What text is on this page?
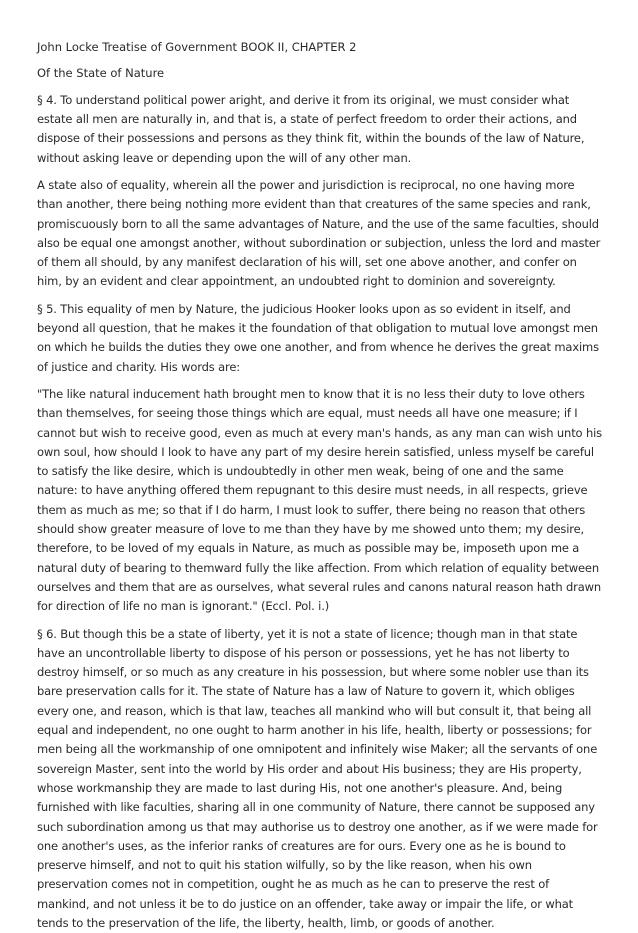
John Locke Treatise of Government BOOK II, CHAPTER 2

Of the State of Nature

§ 4. To understand political power aright, and derive it from its original, we must consider what estate all men are naturally in, and that is, a state of perfect freedom to order their actions, and dispose of their possessions and persons as they think fit, within the bounds of the law of Nature, without asking leave or depending upon the will of any other man.

A state also of equality, wherein all the power and jurisdiction is reciprocal, no one having more than another, there being nothing more evident than that creatures of the same species and rank, promiscuously born to all the same advantages of Nature, and the use of the same faculties, should also be equal one amongst another, without subordination or subjection, unless the lord and master of them all should, by any manifest declaration of his will, set one above another, and confer on him, by an evident and clear appointment, an undoubted right to dominion and sovereignty.

§ 5. This equality of men by Nature, the judicious Hooker looks upon as so evident in itself, and beyond all question, that he makes it the foundation of that obligation to mutual love amongst men on which he builds the duties they owe one another, and from whence he derives the great maxims of justice and charity. His words are:

"The like natural inducement hath brought men to know that it is no less their duty to love others than themselves, for seeing those things which are equal, must needs all have one measure; if I cannot but wish to receive good, even as much at every man's hands, as any man can wish unto his own soul, how should I look to have any part of my desire herein satisfied, unless myself be careful to satisfy the like desire, which is undoubtedly in other men weak, being of one and the same nature: to have anything offered them repugnant to this desire must needs, in all respects, grieve them as much as me; so that if I do harm, I must look to suffer, there being no reason that others should show greater measure of love to me than they have by me showed unto them; my desire, therefore, to be loved of my equals in Nature, as much as possible may be, imposeth upon me a natural duty of bearing to themward fully the like affection. From which relation of equality between ourselves and them that are as ourselves, what several rules and canons natural reason hath drawn for direction of life no man is ignorant." (Eccl. Pol. i.)

§ 6. But though this be a state of liberty, yet it is not a state of licence; though man in that state have an uncontrollable liberty to dispose of his person or possessions, yet he has not liberty to destroy himself, or so much as any creature in his possession, but where some nobler use than its bare preservation calls for it. The state of Nature has a law of Nature to govern it, which obliges every one, and reason, which is that law, teaches all mankind who will but consult it, that being all equal and independent, no one ought to harm another in his life, health, liberty or possessions; for men being all the workmanship of one omnipotent and infinitely wise Maker; all the servants of one sovereign Master, sent into the world by His order and about His business; they are His property, whose workmanship they are made to last during His, not one another's pleasure. And, being furnished with like faculties, sharing all in one community of Nature, there cannot be supposed any such subordination among us that may authorise us to destroy one another, as if we were made for one another's uses, as the inferior ranks of creatures are for ours. Every one as he is bound to preserve himself, and not to quit his station wilfully, so by the like reason, when his own preservation comes not in competition, ought he as much as he can to preserve the rest of mankind, and not unless it be to do justice on an offender, take away or impair the life, or what tends to the preservation of the life, the liberty, health, limb, or goods of another.
